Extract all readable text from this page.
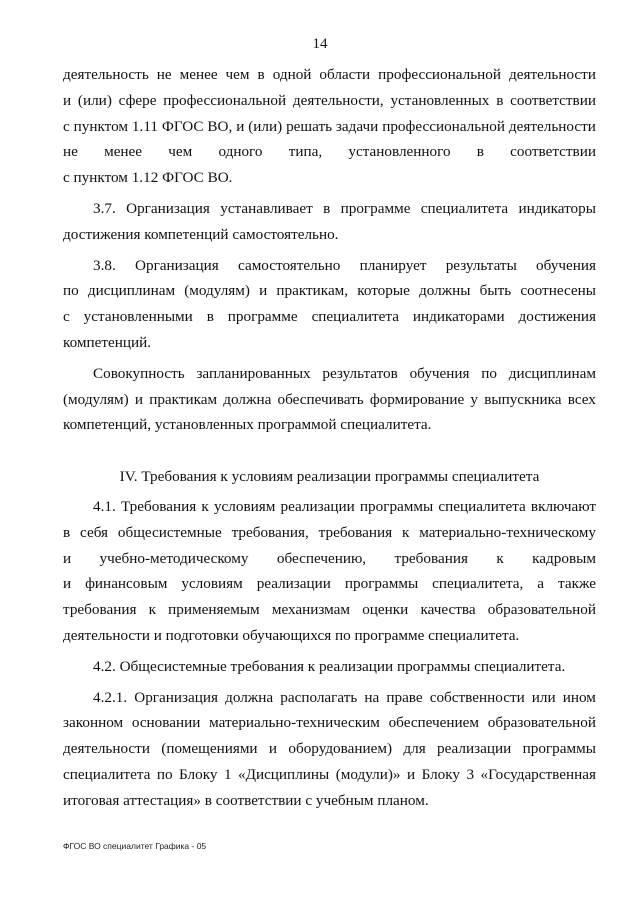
14
деятельность не менее чем в одной области профессиональной деятельности
и (или) сфере профессиональной деятельности, установленных в соответствии
с пунктом 1.11 ФГОС ВО, и (или) решать задачи профессиональной деятельности
не менее чем одного типа, установленного в соответствии
с пунктом 1.12 ФГОС ВО.
3.7. Организация устанавливает в программе специалитета индикаторы
достижения компетенций самостоятельно.
3.8. Организация самостоятельно планирует результаты обучения
по дисциплинам (модулям) и практикам, которые должны быть соотнесены
с установленными в программе специалитета индикаторами достижения
компетенций.
Совокупность запланированных результатов обучения по дисциплинам
(модулям) и практикам должна обеспечивать формирование у выпускника всех
компетенций, установленных программой специалитета.
IV. Требования к условиям реализации программы специалитета
4.1. Требования к условиям реализации программы специалитета включают
в себя общесистемные требования, требования к материально-техническому
и учебно-методическому обеспечению, требования к кадровым
и финансовым условиям реализации программы специалитета, а также
требования к применяемым механизмам оценки качества образовательной
деятельности и подготовки обучающихся по программе специалитета.
4.2. Общесистемные требования к реализации программы специалитета.
4.2.1. Организация должна располагать на праве собственности или ином
законном основании материально-техническим обеспечением образовательной
деятельности (помещениями и оборудованием) для реализации программы
специалитета по Блоку 1 «Дисциплины (модули)» и Блоку 3 «Государственная
итоговая аттестация» в соответствии с учебным планом.
ФГОС ВО специалитет Графика - 05
